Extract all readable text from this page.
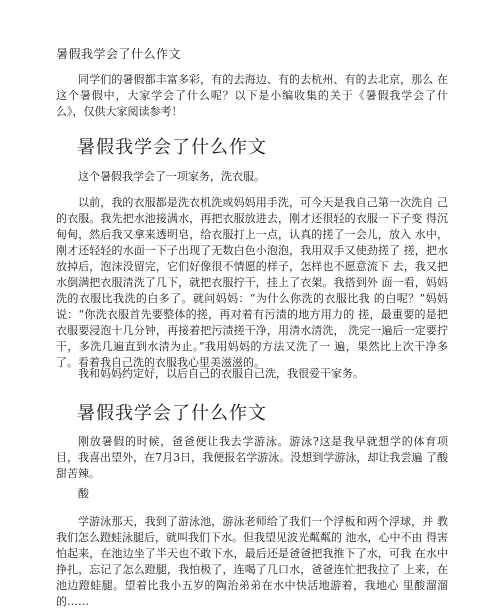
暑假我学会了什么作文

同学们的暑假都丰富多彩，有的去海边、有的去杭州、有的去北京，那么 在这个暑假中，大家学会了什么呢？以下是小编收集的关于《暑假我学会了什 么》，仅供大家阅读参考！

暑假我学会了什么作文

这个暑假我学会了一项家务，洗衣服。

以前，我的衣服都是洗衣机洗或妈妈用手洗，可今天是我自己第一次洗自 己的衣服。我先把水池接满水，再把衣服放进去，刚才还很轻的衣服一下子变 得沉甸甸，然后我又拿来透明皂，给衣服打上一点，认真的搓了一会儿，放入 水中，刚才还轻轻的水面一下子出现了无数白色小泡泡，我用双手又使劲搓了 搓，把水放掉后，泡沫没留完，它们好像很不情愿的样子，怎样也不愿意流下 去，我又把水倒满把衣服清洗了几下，就把衣服拧干，挂上了衣架。我搭到外 面一看，妈妈洗的衣服比我洗的白多了。就问妈妈：“为什么你洗的衣服比我 的白呢？”妈妈说：“你洗衣服首先要整体的搓，再对着有污渍的地方用力的 搓，最重要的是把衣服要浸泡十几分钟，再接着把污渍搓干净，用清水清洗， 洗完一遍后一定要拧干，多洗几遍直到水清为止。”我用妈妈的方法又洗了一 遍，果然比上次干净多了。看着我自己洗的衣服我心里美滋滋的。

我和妈妈约定好，以后自己的衣服自己洗，我很爱干家务。

暑假我学会了什么作文

刚放暑假的时候，爸爸便让我去学游泳。游泳?这是我早就想学的体育项 目，我喜出望外，在7月3日，我便报名学游泳。没想到学游泳，却让我尝遍 了酸甜苦辣。

酸

学游泳那天，我到了游泳池，游泳老师给了我们一个浮板和两个浮球，并 教我们怎么蹬蛙泳腿后，就叫我们下水。但我望见波光粼粼的 池水，心中不由 得害怕起来，在池边坐了半天也不敢下水，最后还是爸爸把我推下了水，可我 在水中挣扎，忘记了怎么蹬腿，我怕极了，连喝了几口水，爸爸连忙把我拉了 上来，在池边蹬蛙腿。望着比我小五岁的陶治弟弟在水中快活地游着，我地心 里酸溜溜的……
